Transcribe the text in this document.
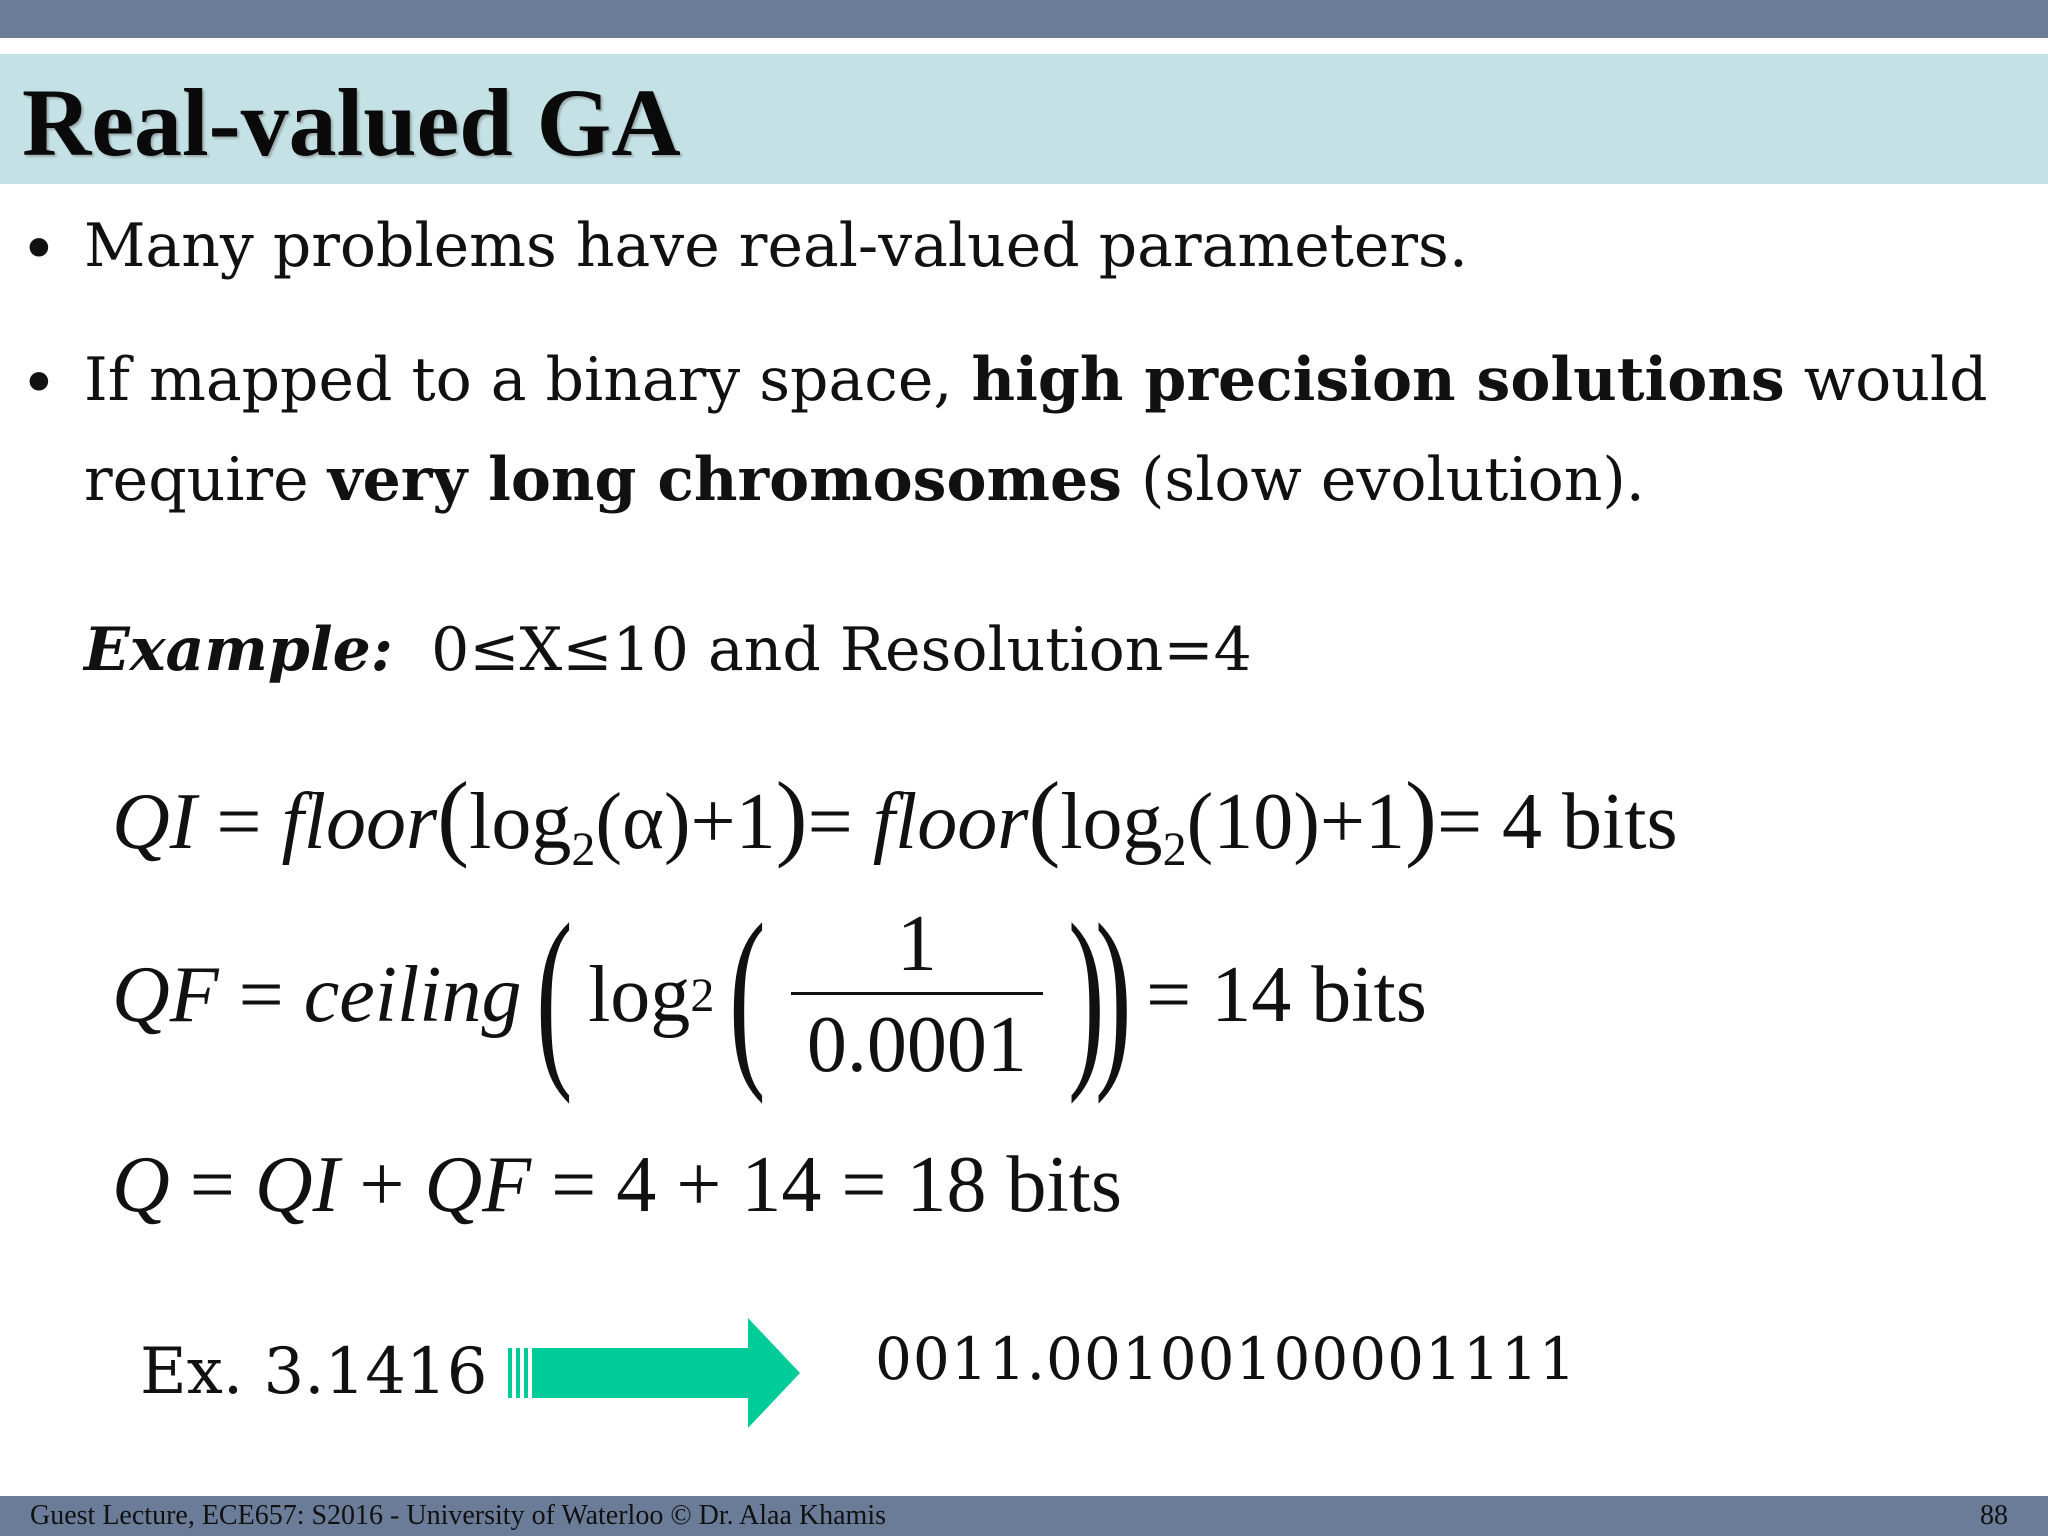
Real-valued GA
• Many problems have real-valued parameters.
• If mapped to a binary space, high precision solutions would require very long chromosomes (slow evolution).
Example: 0≤X≤10 and Resolution=4
QI = $floor(\log_2(\alpha)+1)=$ $floor(\log_2(10)+1)= 4$ bits
QF
=
ceiling ( log 2 ( $\frac{1}{0.0001}$ )
) = 14 bits
Q = QI + QF = 4 + 14 = 18 bits
Ex. 3.1416	0011.00100100001111
Guest Lecture, ECE657: S2016 - University of Waterloo © Dr. Alaa Khamis	88
